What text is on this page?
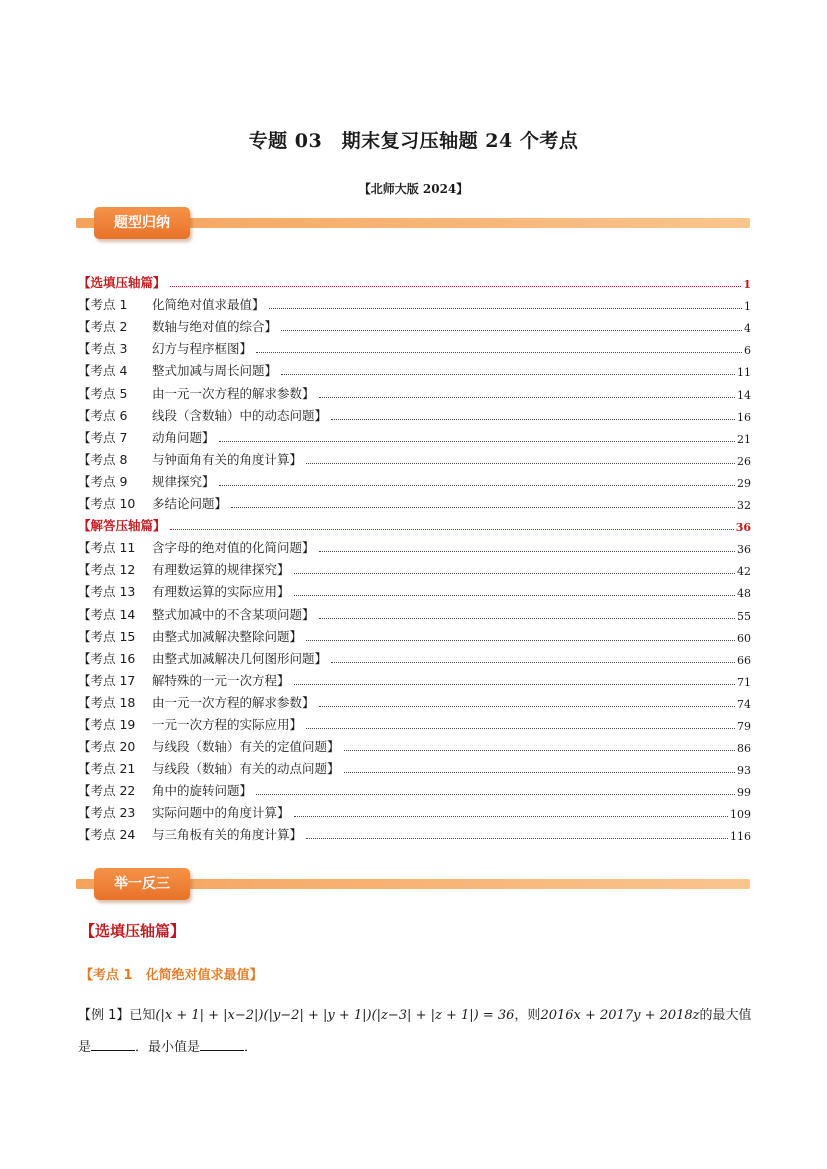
专题 03　期末复习压轴题 24 个考点
【北师大版 2024】
题型归纳
【选填压轴篇】	1
【考点 1 化简绝对值求最值】	1
【考点 2 数轴与绝对值的综合】	4
【考点 3 幻方与程序框图】	6
【考点 4 整式加减与周长问题】	11
【考点 5 由一元一次方程的解求参数】	14
【考点 6 线段（含数轴）中的动态问题】	16
【考点 7 动角问题】	21
【考点 8 与钟面角有关的角度计算】	26
【考点 9 规律探究】	29
【考点 10 多结论问题】	32
【解答压轴篇】	36
【考点 11 含字母的绝对值的化简问题】	36
【考点 12 有理数运算的规律探究】	42
【考点 13 有理数运算的实际应用】	48
【考点 14 整式加减中的不含某项问题】	55
【考点 15 由整式加减解决整除问题】	60
【考点 16 由整式加减解决几何图形问题】	66
【考点 17 解特殊的一元一次方程】	71
【考点 18 由一元一次方程的解求参数】	74
【考点 19 一元一次方程的实际应用】	79
【考点 20 与线段（数轴）有关的定值问题】	86
【考点 21 与线段（数轴）有关的动点问题】	93
【考点 22 角中的旋转问题】	99
【考点 23 实际问题中的角度计算】	109
【考点 24 与三角板有关的角度计算】	116
举一反三
【选填压轴篇】
【考点 1　化简绝对值求最值】
【例 1】已知(|x + 1| + |x−2|)(|y−2| + |y + 1|)(|z−3| + |z + 1|) = 36，则2016x + 2017y + 2018z的最大值
是	．最小值是	．
